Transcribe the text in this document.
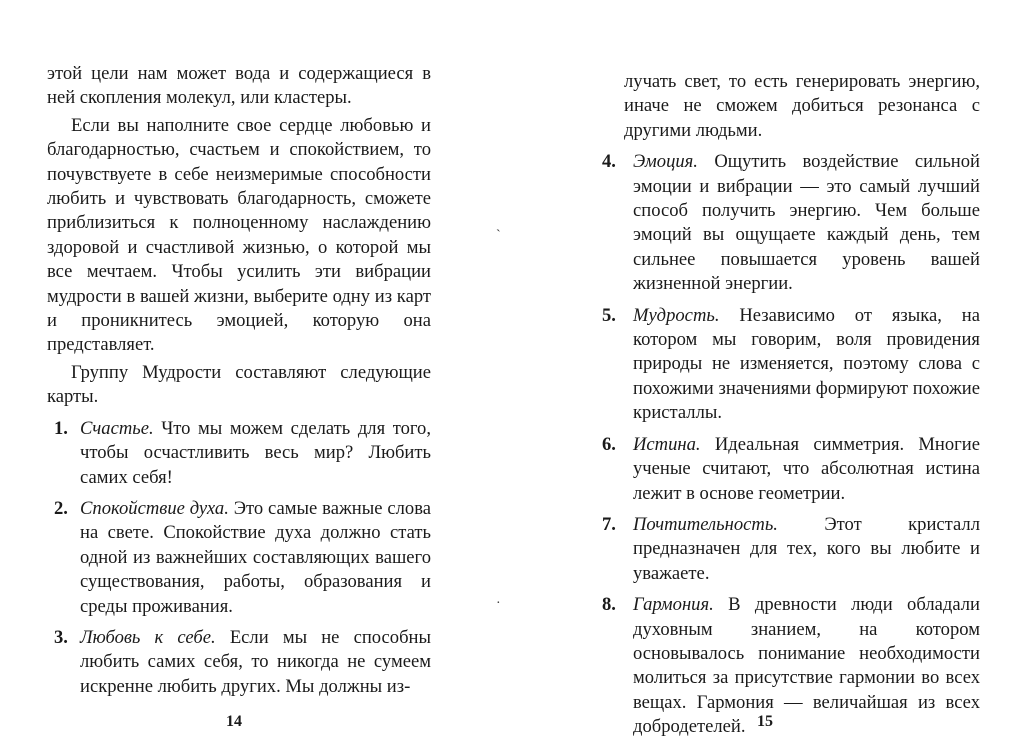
этой цели нам может вода и содержащиеся в ней скопления молекул, или кластеры.

Если вы наполните свое сердце любовью и благодарностью, счастьем и спокойствием, то почувствуете в себе неизмеримые способности любить и чувствовать благодарность, сможете приблизиться к полноценному наслаждению здоровой и счастливой жизнью, о которой мы все мечтаем. Чтобы усилить эти вибрации мудрости в вашей жизни, выберите одну из карт и проникнитесь эмоцией, которую она представляет.

Группу Мудрости составляют следующие карты.

1. Счастье. Что мы можем сделать для того, чтобы осчастливить весь мир? Любить самих себя!
2. Спокойствие духа. Это самые важные слова на свете. Спокойствие духа должно стать одной из важнейших составляющих вашего существования, работы, образования и среды проживания.
3. Любовь к себе. Если мы не способны любить самих себя, то никогда не сумеем искренне любить других. Мы должны из-
14

лучать свет, то есть генерировать энергию, иначе не сможем добиться резонанса с другими людьми.

4. Эмоция. Ощутить воздействие сильной эмоции и вибрации — это самый лучший способ получить энергию. Чем больше эмоций вы ощущаете каждый день, тем сильнее повышается уровень вашей жизненной энергии.
5. Мудрость. Независимо от языка, на котором мы говорим, воля провидения природы не изменяется, поэтому слова с похожими значениями формируют похожие кристаллы.
6. Истина. Идеальная симметрия. Многие ученые считают, что абсолютная истина лежит в основе геометрии.
7. Почтительность. Этот кристалл предназначен для тех, кого вы любите и уважаете.
8. Гармония. В древности люди обладали духовным знанием, на котором основывалось понимание необходимости молиться за присутствие гармонии во всех вещах. Гармония — величайшая из всех добродетелей. 15
ˋ
·
